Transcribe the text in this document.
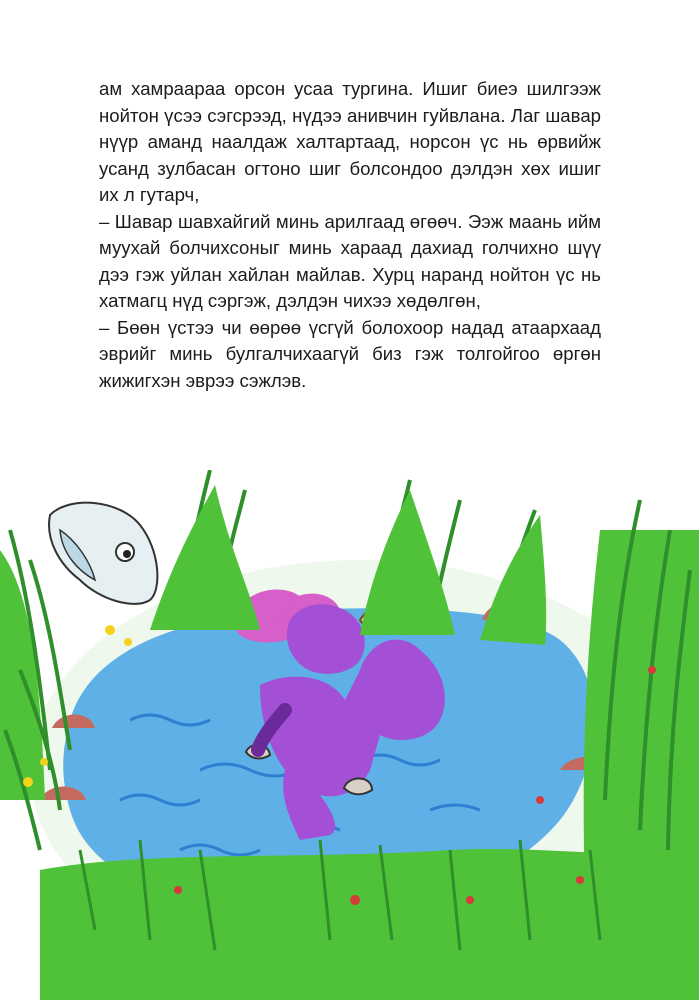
ам хамраараа орсон усаа тургина. Ишиг биеэ шилгээж нойтон үсээ сэгсрээд, нүдээ анивчин гуйвлана. Лаг шавар нүүр аманд наалдаж халтартаад, норсон үс нь өрвийж усанд зулбасан огтоно шиг болсондоо дэлдэн хөх ишиг их л гутарч,

– Шавар шавхайгий минь арилгаад өгөөч. Ээж маань ийм муухай болчихсоныг минь хараад дахиад голчихно шүү дээ гэж уйлан хайлан майлав. Хурц наранд нойтон үс нь хатмагц нүд сэргэж, дэлдэн чихээ хөдөлгөн,

– Бөөн үстээ чи өөрөө үсгүй болохоор надад атаархаад эврийг минь булгалчихаагүй биз гэж толгойгоо өргөн жижигхэн эврээ сэжлэв.
